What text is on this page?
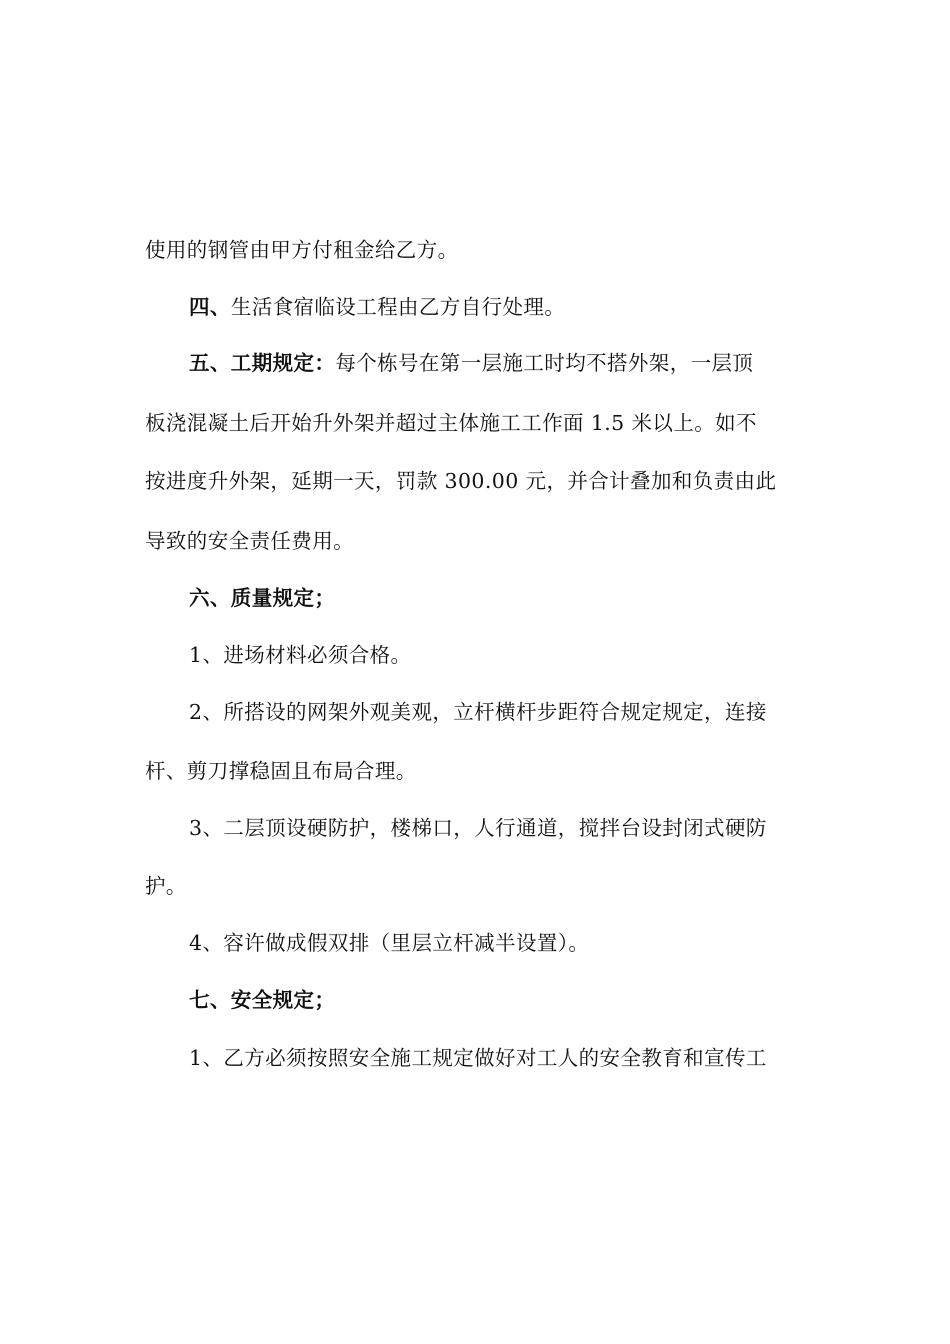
使用的钢管由甲方付租金给乙方。
四、生活食宿临设工程由乙方自行处理。
五、工期规定：每个栋号在第一层施工时均不搭外架，一层顶
板浇混凝土后开始升外架并超过主体施工工作面 1.5 米以上。如不
按进度升外架，延期一天，罚款 300.00 元，并合计叠加和负责由此
导致的安全责任费用。
六、质量规定；
1、进场材料必须合格。
2、所搭设的网架外观美观，立杆横杆步距符合规定规定，连接
杆、剪刀撑稳固且布局合理。
3、二层顶设硬防护，楼梯口，人行通道，搅拌台设封闭式硬防
护。
4、容许做成假双排（里层立杆减半设置）。
七、安全规定；
1、乙方必须按照安全施工规定做好对工人的安全教育和宣传工
